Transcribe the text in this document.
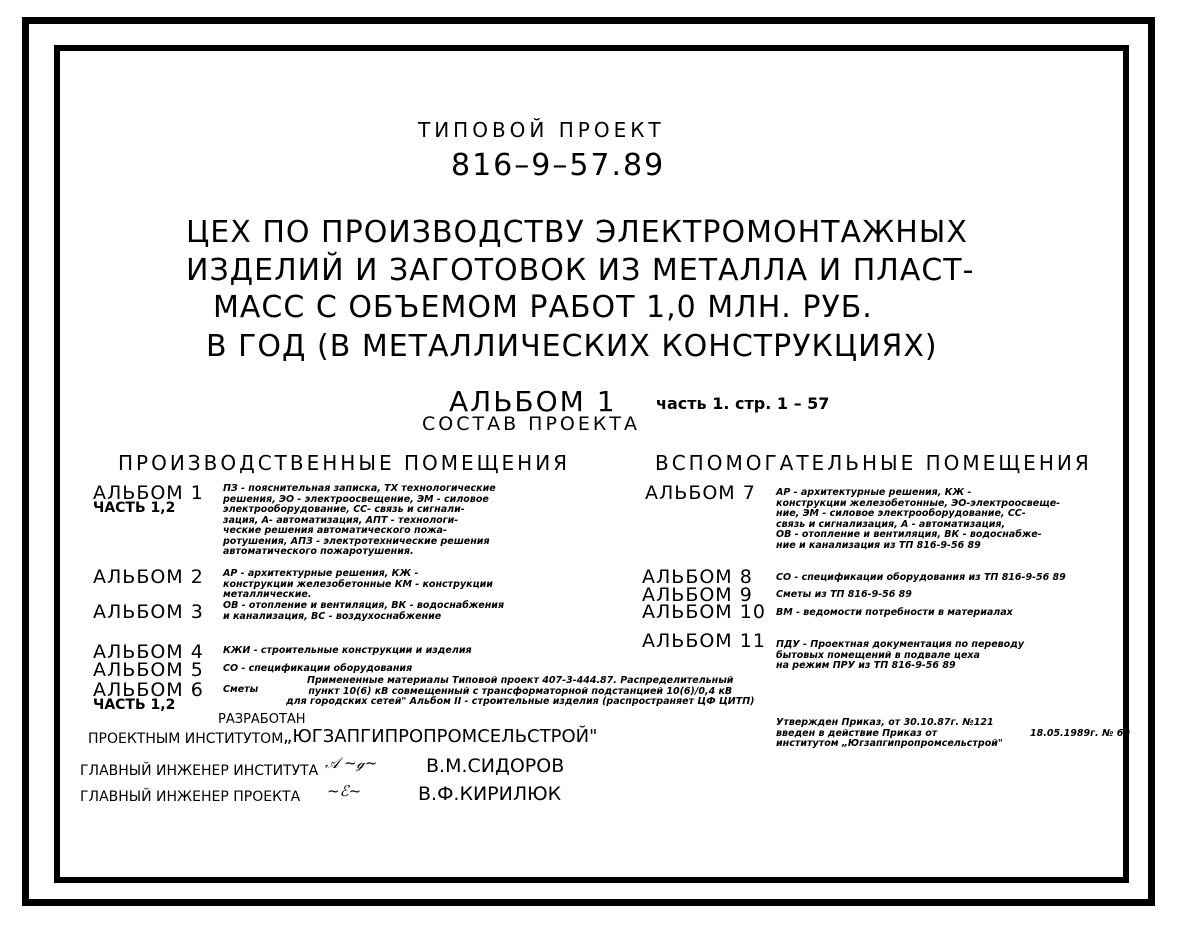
ТИПОВОЙ ПРОЕКТ
816–9–57.89
ЦЕХ ПО ПРОИЗВОДСТВУ ЭЛЕКТРОМОНТАЖНЫХ
ИЗДЕЛИЙ И ЗАГОТОВОК ИЗ МЕТАЛЛА И ПЛАСТ-
МАСС С ОБЪЕМОМ РАБОТ 1,0 МЛН. РУБ.
В ГОД (В МЕТАЛЛИЧЕСКИХ КОНСТРУКЦИЯХ)
АЛЬБОМ 1 часть 1. стр. 1 – 57
СОСТАВ ПРОЕКТА
ПРОИЗВОДСТВЕННЫЕ ПОМЕЩЕНИЯ	ВСПОМОГАТЕЛЬНЫЕ ПОМЕЩЕНИЯ
АЛЬБОМ 1
ЧАСТЬ 1,2
ПЗ - пояснительная записка, ТХ технологические
решения, ЭО - электроосвещение, ЭМ - силовое
электрооборудование, СС- связь и сигнали-
зация, А- автоматизация, АПТ - технологи-
ческие решения автоматического пожа-
ротушения, АПЗ - электротехнические решения
автоматического пожаротушения.
АЛЬБОМ 2 АР - архитектурные решения, КЖ -
конструкции железобетонные КМ - конструкции
металлические.
АЛЬБОМ 3 ОВ - отопление и вентиляция, ВК - водоснабжения
и канализация, ВС - воздухоснабжение
АЛЬБОМ 4 КЖИ - строительные конструкции и изделия
АЛЬБОМ 5 СО - спецификации оборудования
АЛЬБОМ 6
ЧАСТЬ 1,2
Сметы
Примененные материалы Типовой проект 407-3-444.87. Распределительный
пункт 10(6) кВ совмещенный с трансформаторной подстанцией 10(6)/0,4 кВ
для городских сетей" Альбом II - строительные изделия (распространяет ЦФ ЦИТП)
РАЗРАБОТАН
ПРОЕКТНЫМ ИНСТИТУТОМ „ЮГЗАПГИПРОПРОМСЕЛЬСТРОЙ"
ГЛАВНЫЙ ИНЖЕНЕР ИНСТИТУТА 𝒜 ~ℊ~	В.М.СИДОРОВ
ГЛАВНЫЙ ИНЖЕНЕР ПРОЕКТА ~ℰ~	В.Ф.КИРИЛЮК
АЛЬБОМ 7 АР - архитектурные решения, КЖ -
конструкции железобетонные, ЭО-электроосвеще-
ние, ЭМ - силовое электрооборудование, СС-
связь и сигнализация, А - автоматизация,
ОВ - отопление и вентиляция, ВК - водоснабже-
ние и канализация из ТП 816-9-56 89
АЛЬБОМ 8 СО - спецификации оборудования из ТП 816-9-56 89
АЛЬБОМ 9 Сметы из ТП 816-9-56 89
АЛЬБОМ 10 ВМ - ведомости потребности в материалах
АЛЬБОМ 11 ПДУ - Проектная документация по переводу
бытовых помещений в подвале цеха
на режим ПРУ из ТП 816-9-56 89
Утвержден Приказ, от 30.10.87г. №121
введен в действие Приказ от
институтом „Югзапгипропромсельстрой"
18.05.1989г. № 69
